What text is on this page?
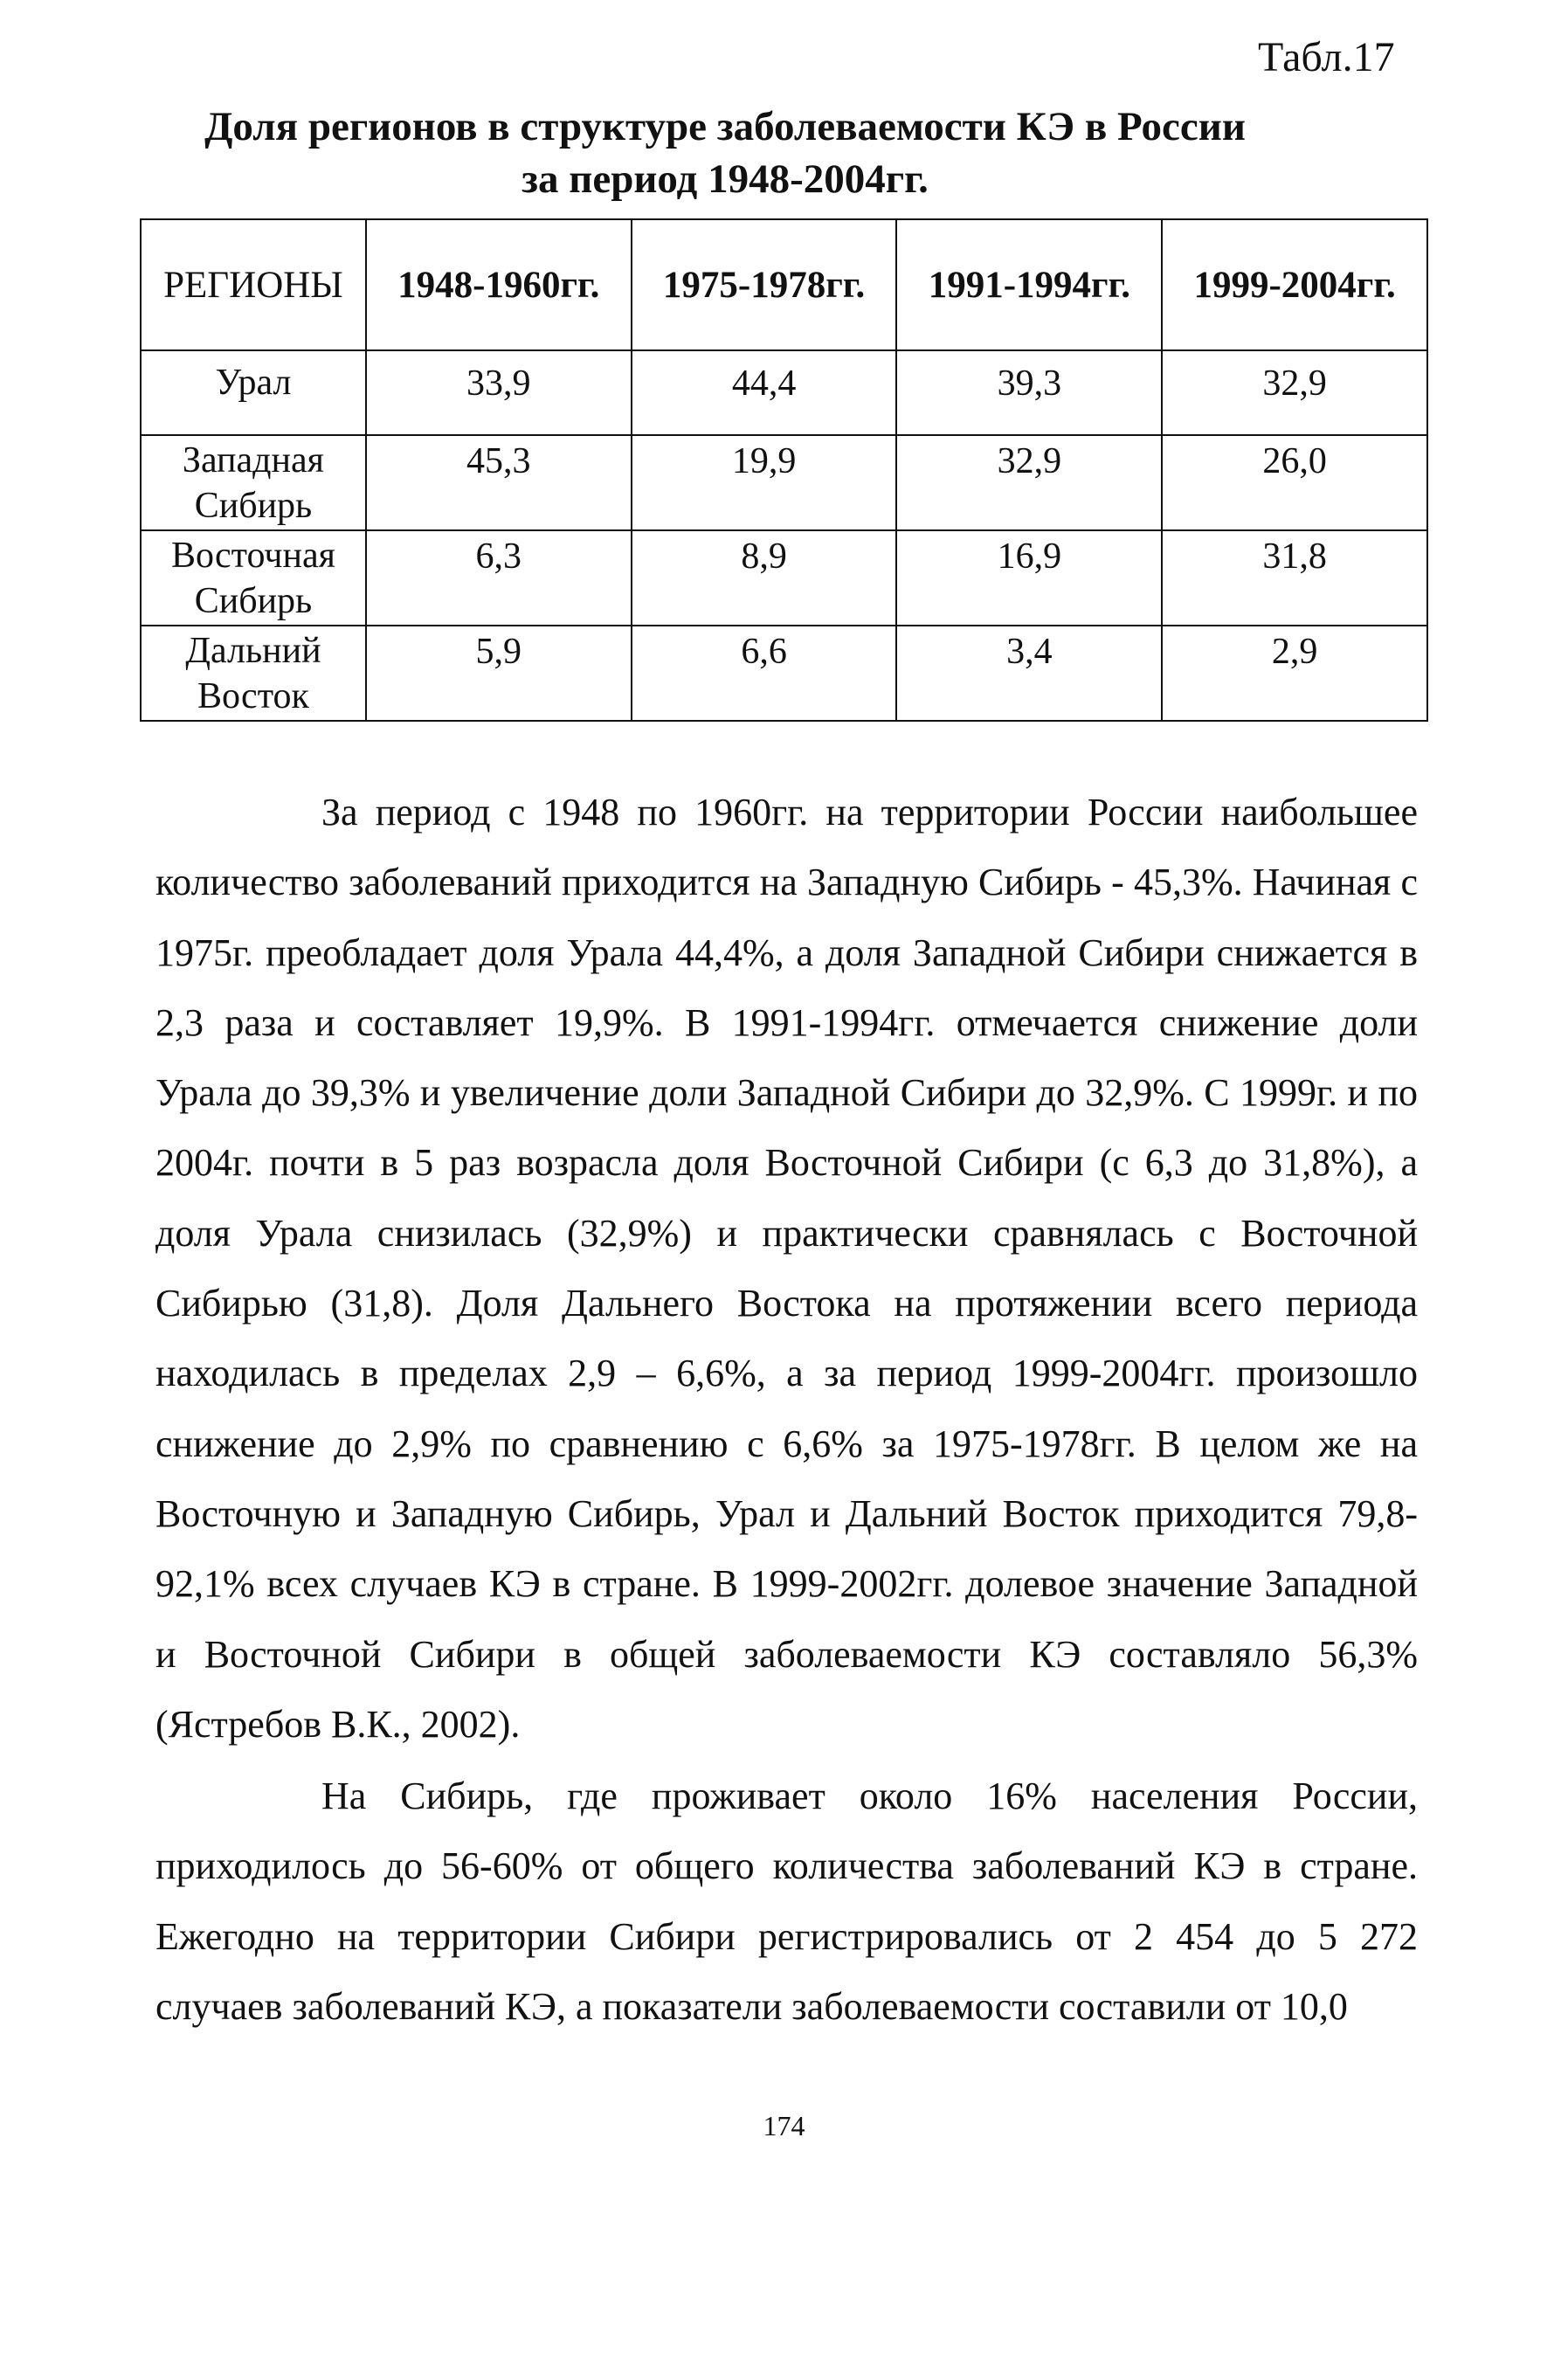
Табл.17
Доля регионов в структуре заболеваемости КЭ в России
за период 1948-2004гг.
РЕГИОНЫ	1948-1960гг.	1975-1978гг.	1991-1994гг.	1999-2004гг.
Урал	33,9	44,4	39,3	32,9
Западная Сибирь	45,3	19,9	32,9	26,0
Восточная Сибирь	6,3	8,9	16,9	31,8
Дальний Восток	5,9	6,6	3,4	2,9

За период с 1948 по 1960гг. на территории России наибольшее количество заболеваний приходится на Западную Сибирь - 45,3%. Начиная с 1975г. преобладает доля Урала 44,4%, а доля Западной Сибири снижается в 2,3 раза и составляет 19,9%. В 1991-1994гг. отмечается снижение доли Урала до 39,3% и увеличение доли Западной Сибири до 32,9%. С 1999г. и по 2004г. почти в 5 раз возрасла доля Восточной Сибири (с 6,3 до 31,8%), а доля Урала снизилась (32,9%) и практически сравнялась с Восточной Сибирью (31,8). Доля Дальнего Востока на протяжении всего периода находилась в пределах 2,9 – 6,6%, а за период 1999-2004гг. произошло снижение до 2,9% по сравнению с 6,6% за 1975-1978гг. В целом же на Восточную и Западную Сибирь, Урал и Дальний Восток приходится 79,8-92,1% всех случаев КЭ в стране. В 1999-2002гг. долевое значение Западной и Восточной Сибири в общей заболеваемости КЭ составляло 56,3% (Ястребов В.К., 2002).

На Сибирь, где проживает около 16% населения России, приходилось до 56-60% от общего количества заболеваний КЭ в стране. Ежегодно на территории Сибири регистрировались от 2 454 до 5 272 случаев заболеваний КЭ, а показатели заболеваемости составили от 10,0

174
